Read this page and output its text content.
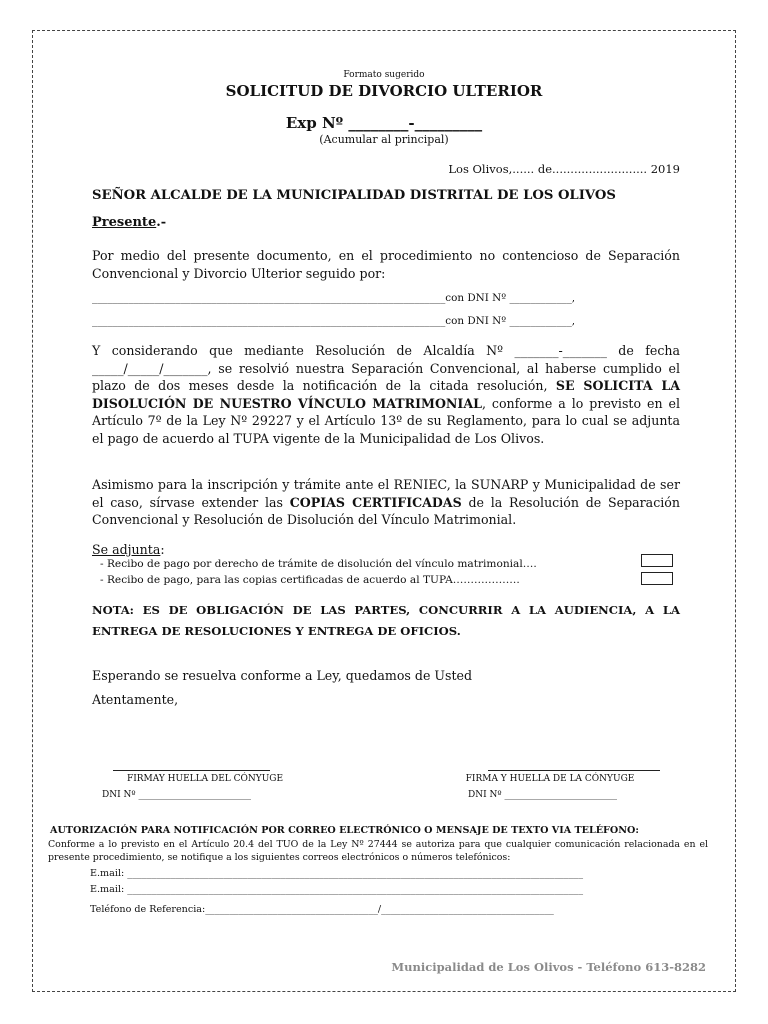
Formato sugerido
SOLICITUD DE DIVORCIO ULTERIOR
Exp Nº ________-_________
(Acumular al principal)
Los Olivos,...... de.......................... 2019
SEÑOR ALCALDE DE LA MUNICIPALIDAD DISTRITAL DE LOS OLIVOS
Presente.-
Por medio del presente documento, en el procedimiento no contencioso de Separación Convencional y Divorcio Ulterior seguido por:
____________________________________________________________________con DNI Nº ____________,
____________________________________________________________________con DNI Nº ____________,
Y considerando que mediante Resolución de Alcaldía Nº _______-_______ de fecha _____/_____/_______, se resolvió nuestra Separación Convencional, al haberse cumplido el plazo de dos meses desde la notificación de la citada resolución, SE SOLICITA LA DISOLUCIÓN DE NUESTRO VÍNCULO MATRIMONIAL, conforme a lo previsto en el Artículo 7º de la Ley Nº 29227 y el Artículo 13º de su Reglamento, para lo cual se adjunta el pago de acuerdo al TUPA vigente de la Municipalidad de Los Olivos.
Asimismo para la inscripción y trámite ante el RENIEC, la SUNARP y Municipalidad de ser el caso, sírvase extender las COPIAS CERTIFICADAS de la Resolución de Separación Convencional y Resolución de Disolución del Vínculo Matrimonial.
Se adjunta:
- Recibo de pago por derecho de trámite de disolución del vínculo matrimonial….
- Recibo de pago, para las copias certificadas de acuerdo al TUPA……………….
NOTA: ES DE OBLIGACIÓN DE LAS PARTES, CONCURRIR A LA AUDIENCIA, A LA ENTREGA DE RESOLUCIONES Y ENTREGA DE OFICIOS.
Esperando se resuelva conforme a Ley, quedamos de Usted
Atentamente,
FIRMAY HUELLA DEL CÓNYUGE
DNI Nº _________________________
FIRMA Y HUELLA DE LA CÓNYUGE
DNI Nº _________________________
AUTORIZACIÓN PARA NOTIFICACIÓN POR CORREO ELECTRÓNICO O MENSAJE DE TEXTO VIA TELÉFONO:
Conforme a lo previsto en el Artículo 20.4 del TUO de la Ley Nº 27444 se autoriza para que cualquier comunicación relacionada en el presente procedimiento, se notifique a los siguientes correos electrónicos o números telefónicos:
E.mail: _______________________________________________________________________________________________
E.mail: _______________________________________________________________________________________________
Teléfono de Referencia:____________________________________/____________________________________
Municipalidad de Los Olivos - Teléfono 613-8282
